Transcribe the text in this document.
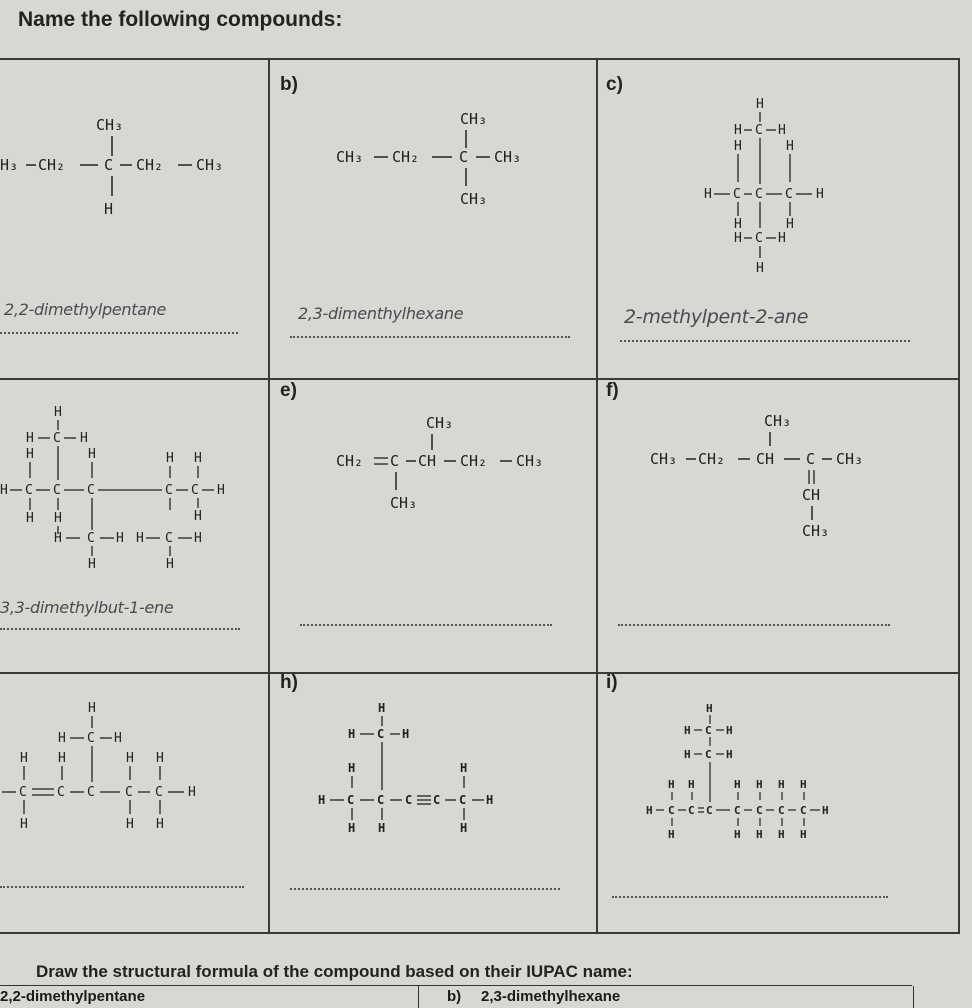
Name the following compounds:
b)	c)
e)	f)
h)	i)
2,2-dimethylpentane	2,3-dimenthylhexane	2-methylpent-2-ane
3,3-dimethylbut-1-ene
CH₃
H₃ CH₂	C CH₂ CH₃
H
CH₃
CH₃ CH₂	C CH₃
CH₃
H
H C H
H	H
H C C C H
H	H
H C H
H
H
H C H
H	H	H H
H C C C	C C H
H H	H
H C H H C H
H	H
CH₃
CH₂ C CH CH₂ CH₃
CH₃
CH₃
CH₃ CH₂ CH C CH₃
CH
CH₃
H
H C H
H H	H H
C C C C C H
H	H H
H
H C H
H	H
H C C C C C H
H H	H
H
H C H
H C H
H H	H H H H
H C C C C C C C H
H	H H H H
Draw the structural formula of the compound based on their IUPAC name:
2,2-dimethylpentane	b) 2,3-dimethylhexane
